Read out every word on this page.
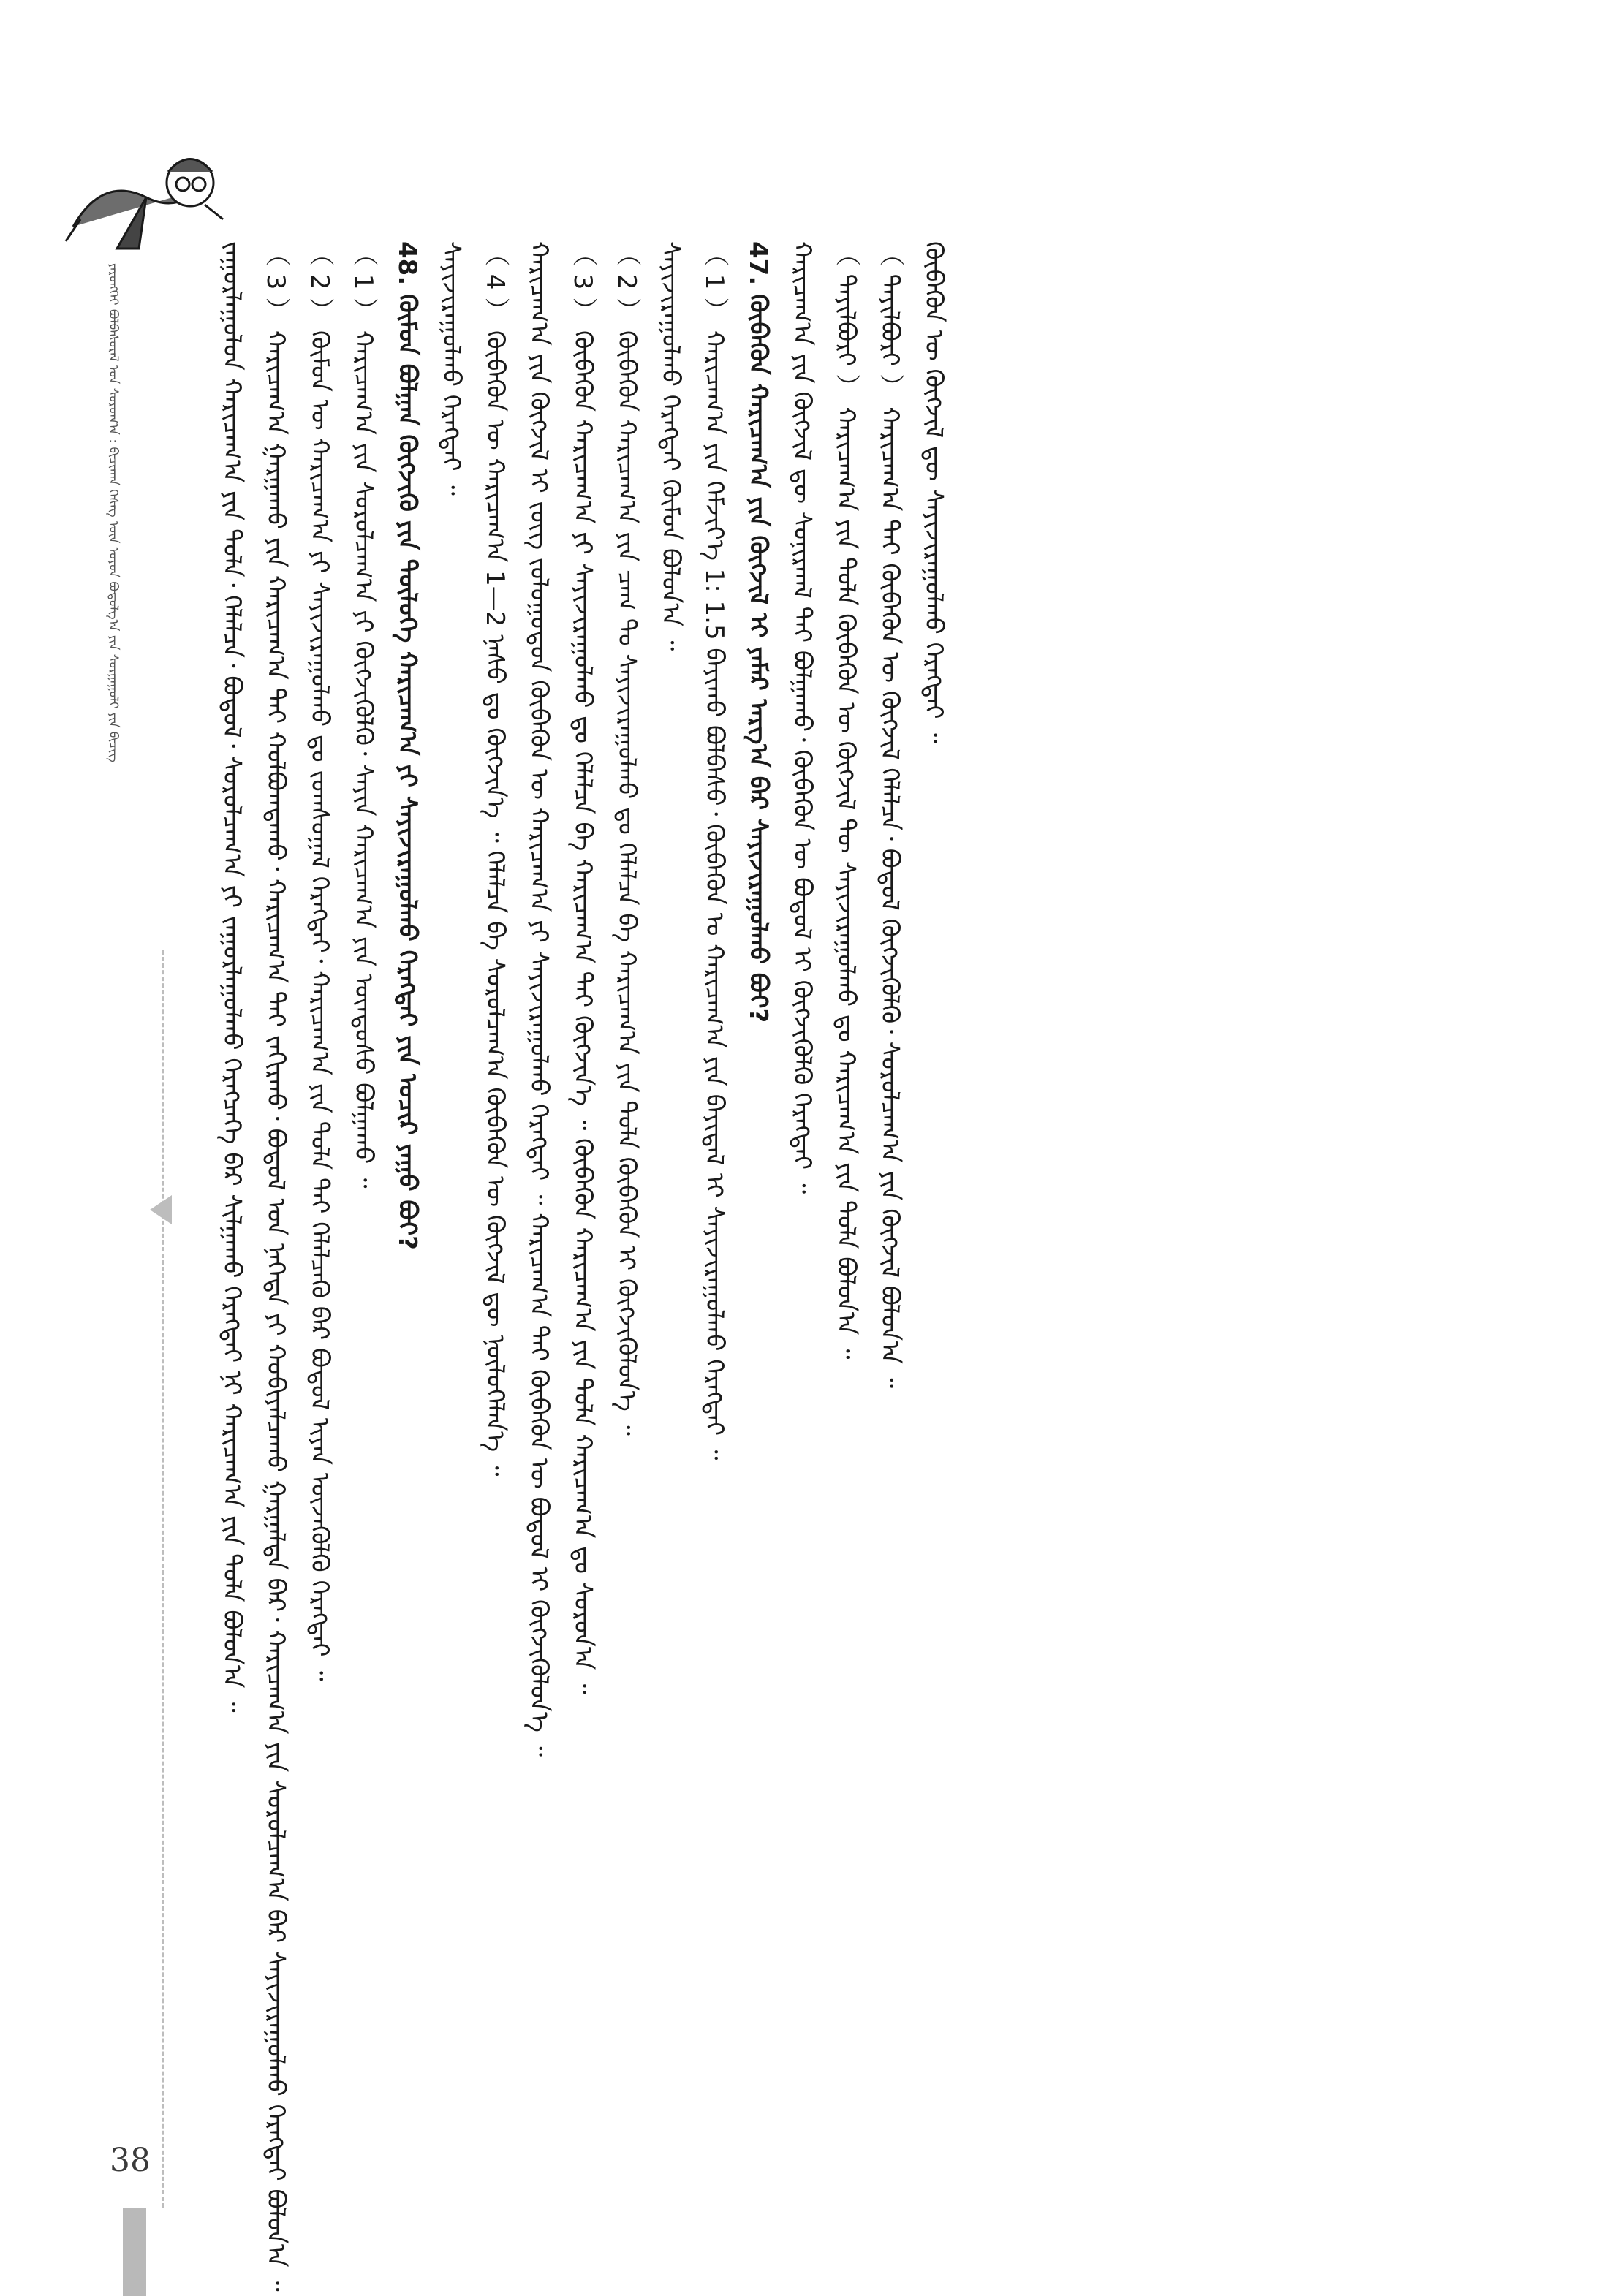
ᠶᠡᠷᠦᠩᠬᠡᠢ ᠪᠣᠯᠪᠠᠰᠤᠷᠠᠯ ᠤᠨ ᠰᠤᠷᠤᠭ᠎ᠠ : ᠪᠢᠴᠢᠬᠠᠨ ᠬᠡᠰᠡᠭ ᠦᠨ ᠣᠶᠤᠨ ᠪᠤᠳᠤᠯᠭ᠎ᠠ ᠶᠢᠨ ᠰᠤᠷᠭᠠᠭᠤᠯᠢ ᠶᠢᠨ ᠪᠢᠴᠢᠭ
38
ᠵᠠᠭᠤᠷᠯᠠᠭᠤᠯᠤᠨ ᠬᠠᠷᠢᠴᠠᠭ᠎ᠠ ᠶᠢᠨ ᠲᠤᠯᠠ᠂ ᠬᠡᠯᠡᠯᠴᠡ᠂ ᠪᠣᠳᠣᠯ᠂ ᠰᠤᠷᠤᠯᠴᠠᠭ᠎ᠠ ᠶᠢ ᠵᠠᠭᠤᠷᠯᠠᠭᠤᠯᠬᠤ ᠬᠡᠷᠡᠭᠴᠡᠭᠡ ᠪᠠᠷ ᠰᠢᠯᠭᠠᠬᠤ ᠬᠡᠷᠡᠭᠳᠡᠢ ᠨᠢ ᠬᠠᠷᠢᠴᠠᠭ᠎ᠠ ᠶᠢᠨ ᠲᠤᠯᠠ ᠪᠣᠯᠤᠨ᠎ᠠ ᠃ （ 3 ） ᠬᠠᠷᠢᠴᠠᠭ᠎ᠠ ᠭᠠᠷᠭᠠᠬᠤ ᠶᠢᠨ ᠬᠠᠷᠢᠴᠠᠭ᠎ᠠ ᠲᠠᠢ ᠬᠣᠯᠪᠣᠭᠳᠠᠬᠤ᠂ ᠬᠠᠷᠢᠴᠠᠭ᠎ᠠ ᠲᠠᠢ ᠵᠠᠬᠢᠷᠬᠤ᠂ ᠪᠣᠳᠣᠯ ᠤᠨ ᠨᠡᠭᠡᠳᠡ ᠶᠢ ᠬᠤᠪᠢᠶᠠᠯᠴᠠᠬᠤ ᠭᠠᠷᠭᠠᠯᠲᠠ ᠪᠠᠷ᠂ ᠬᠠᠷᠢᠴᠠᠭ᠎ᠠ ᠶᠢᠨ ᠰᠤᠷᠤᠯᠴᠠᠭ᠎ᠠ ᠪᠡᠷ ᠰᠠᠶᠢᠵᠢᠷᠠᠭᠤᠯᠬᠤ ᠬᠡᠷᠡᠭᠲᠡᠢ ᠪᠣᠯᠤᠨ᠎ᠠ ᠃ （ 2 ） ᠬᠦᠮᠦᠨ ᠦ ᠬᠠᠷᠢᠴᠠᠭ᠎ᠠ ᠶᠢ ᠰᠠᠶᠢᠵᠢᠷᠠᠭᠤᠯᠬᠤ ᠳᠤ ᠵᠤᠭᠰᠤᠭᠠᠯ ᠬᠡᠷᠡᠭᠳᠡᠢ᠂ ᠬᠠᠷᠢᠴᠠᠭ᠎ᠠ ᠶᠢᠨ ᠲᠤᠯᠠ ᠲᠠᠢ ᠬᠡᠯᠡᠯᠴᠡᠬᠦ ᠪᠠᠷ ᠪᠣᠳᠣᠯ ᠢᠶᠠᠨ ᠦᠵᠡᠭᠦᠯᠬᠦ ᠬᠡᠷᠡᠭᠲᠡᠢ ᠃ （ 1 ） ᠬᠠᠷᠢᠴᠠᠭ᠎ᠠ ᠶᠢᠨ ᠰᠤᠷᠤᠯᠴᠠᠭ᠎ᠠ ᠶᠢ ᠬᠥᠭᠵᠢᠭᠦᠯᠬᠦ᠂ ᠰᠠᠶᠢᠨ ᠬᠠᠷᠢᠴᠠᠭ᠎ᠠ ᠶᠢᠨ ᠦᠨᠳᠦᠰᠦ ᠪᠣᠯᠭᠠᠬᠤ ᠃ 48. ᠬᠦᠮᠦᠨ ᠪᠣᠯᠭᠠᠨ ᠬᠥᠭᠵᠢᠬᠦ ᠶᠢᠨ ᠲᠥᠯᠦᠭᠡ ᠬᠠᠷᠢᠴᠠᠭ᠎ᠠ ᠶᠢ ᠰᠠᠶᠢᠵᠢᠷᠠᠭᠤᠯᠬᠤ ᠬᠡᠷᠡᠭᠲᠡᠢ ᠶᠢᠨ ᠤᠴᠢᠷ ᠶᠠᠭᠤ ᠪᠤᠢ? ᠰᠠᠶᠢᠵᠢᠷᠠᠭᠤᠯᠬᠤ ᠬᠡᠷᠡᠭᠲᠡᠢ ᠃ （ 4 ） ᠬᠥᠪᠡᠭᠦᠨ ᠦ ᠬᠠᠷᠢᠴᠠᠭ᠎ᠠ 1—2 ᠨᠠᠰᠤ ᠳᠤ ᠬᠥᠭᠵᠢᠨ᠎ᠡ ᠃ ᠬᠡᠯᠡᠯᠴᠡ ᠪᠠ ᠰᠤᠷᠤᠯᠴᠠᠭ᠎ᠠ ᠬᠥᠪᠡᠭᠦᠨ ᠦ ᠬᠥᠭᠵᠢᠯ ᠳᠦ ᠨᠥᠯᠦᠭᠡᠯᠡᠨ᠎ᠡ ᠃ ᠬᠠᠷᠢᠴᠠᠭ᠎ᠠ ᠶᠢᠨ ᠬᠥᠭᠵᠢᠯ ᠢ ᠵᠦᠭ ᠵᠤᠯᠤᠭᠤᠳᠤᠨ ᠬᠥᠪᠡᠭᠦᠨ ᠦ ᠬᠠᠷᠢᠴᠠᠭ᠎ᠠ ᠶᠢ ᠰᠠᠶᠢᠵᠢᠷᠠᠭᠤᠯᠬᠤ ᠬᠡᠷᠡᠭᠲᠡᠢ ᠃ ᠬᠠᠷᠢᠴᠠᠭ᠎ᠠ ᠲᠠᠢ ᠬᠥᠪᠡᠭᠦᠨ ᠦ ᠪᠣᠳᠣᠯ ᠢ ᠬᠥᠭᠵᠢᠭᠦᠯᠦᠨ᠎ᠡ ᠃ （ 3 ） ᠬᠥᠪᠡᠭᠦᠨ ᠬᠠᠷᠢᠴᠠᠭ᠎ᠠ ᠶᠢ ᠰᠠᠶᠢᠵᠢᠷᠠᠭᠤᠯᠬᠤ ᠳᠤ ᠬᠡᠯᠡᠯᠴᠡ ᠪᠠ ᠬᠠᠷᠢᠴᠠᠭ᠎ᠠ ᠲᠠᠢ ᠬᠥᠭᠵᠢᠨ᠎ᠡ ᠃ ᠬᠥᠪᠡᠭᠦᠨ ᠬᠠᠷᠢᠴᠠᠭ᠎ᠠ ᠶᠢᠨ ᠲᠤᠯᠠ ᠬᠠᠷᠢᠴᠠᠭ᠎ᠠ ᠳᠤ ᠰᠤᠷᠤᠨ᠎ᠠ ᠃ （ 2 ） ᠬᠥᠪᠡᠭᠦᠨ ᠬᠠᠷᠢᠴᠠᠭ᠎ᠠ ᠶᠢᠨ ᠴᠠᠭ ᠲᠤ ᠰᠠᠶᠢᠵᠢᠷᠠᠭᠤᠯᠬᠤ ᠳᠤ ᠬᠡᠯᠡᠯᠴᠡ ᠪᠠ ᠬᠠᠷᠢᠴᠠᠭ᠎ᠠ ᠶᠢᠨ ᠲᠤᠯᠠ ᠬᠥᠪᠡᠭᠦᠨ ᠢ ᠬᠥᠭᠵᠢᠭᠦᠯᠦᠨ᠎ᠡ ᠃ ᠰᠠᠶᠢᠵᠢᠷᠠᠭᠤᠯᠬᠤ ᠬᠡᠷᠡᠭᠲᠡᠢ ᠬᠦᠮᠦᠨ ᠪᠣᠯᠤᠨ᠎ᠠ ᠃ （ 1 ） ᠬᠠᠷᠢᠴᠠᠭ᠎ᠠ ᠶᠢᠨ ᠬᠡᠮᠵᠢᠶ᠎ᠡ 1: 1.5 ᠪᠠᠶᠢᠬᠤ ᠪᠣᠯᠪᠠᠰᠤ᠂ ᠬᠥᠪᠡᠭᠦᠨ ᠤ ᠬᠠᠷᠢᠴᠠᠭ᠎ᠠ ᠶᠢᠨ ᠪᠠᠶᠢᠳᠠᠯ ᠢ ᠰᠠᠶᠢᠵᠢᠷᠠᠭᠤᠯᠬᠤ ᠬᠡᠷᠡᠭᠲᠡᠢ ᠃ 47. ᠬᠥᠪᠡᠭᠦᠨ ᠬᠠᠷᠢᠴᠠᠭ᠎ᠠ ᠶᠢᠨ ᠬᠥᠭᠵᠢᠯ ᠢ ᠶᠠᠮᠠᠷ ᠠᠷᠭ᠎ᠠ ᠪᠠᠷ ᠰᠠᠶᠢᠵᠢᠷᠠᠭᠤᠯᠬᠤ ᠪᠤᠢ? ᠬᠠᠷᠢᠴᠠᠭ᠎ᠠ ᠶᠢᠨ ᠬᠥᠭᠵᠢᠯ ᠳᠦ ᠰᠣᠨᠢᠷᠬᠠᠯ ᠲᠠᠢ ᠪᠣᠯᠭᠠᠬᠤ᠂ ᠬᠥᠪᠡᠭᠦᠨ ᠦ ᠪᠣᠳᠣᠯ ᠢ ᠬᠥᠭᠵᠢᠭᠦᠯᠬᠦ ᠬᠡᠷᠡᠭᠲᠡᠢ ᠃ （ ᠲᠠᠶᠢᠯᠪᠤᠷᠢ ） ᠬᠠᠷᠢᠴᠠᠭ᠎ᠠ ᠶᠢᠨ ᠲᠤᠯᠠ ᠬᠥᠪᠡᠭᠦᠨ ᠦ ᠬᠥᠭᠵᠢᠯ ᠲᠦ ᠰᠠᠶᠢᠵᠢᠷᠠᠭᠤᠯᠬᠤ ᠳᠤ ᠬᠠᠷᠢᠴᠠᠭ᠎ᠠ ᠶᠢᠨ ᠲᠤᠯᠠ ᠪᠣᠯᠤᠨ᠎ᠠ ᠃ （ ᠲᠠᠶᠢᠯᠪᠤᠷᠢ ） ᠬᠠᠷᠢᠴᠠᠭ᠎ᠠ ᠲᠠᠢ ᠬᠥᠪᠡᠭᠦᠨ ᠦ ᠬᠥᠭᠵᠢᠯ ᠬᠡᠯᠡᠯᠴᠡ᠂ ᠪᠣᠳᠣᠯ ᠬᠥᠭᠵᠢᠭᠦᠯᠬᠦ᠂ ᠰᠤᠷᠤᠯᠴᠠᠭ᠎ᠠ ᠶᠢᠨ ᠬᠥᠭᠵᠢᠯ ᠪᠣᠯᠤᠨ᠎ᠠ ᠃ ᠬᠥᠪᠡᠭᠦᠨ ᠦ ᠬᠥᠭᠵᠢᠯ ᠳᠦ ᠰᠠᠶᠢᠵᠢᠷᠠᠭᠤᠯᠬᠤ ᠬᠡᠷᠡᠭᠲᠡᠢ ᠃
